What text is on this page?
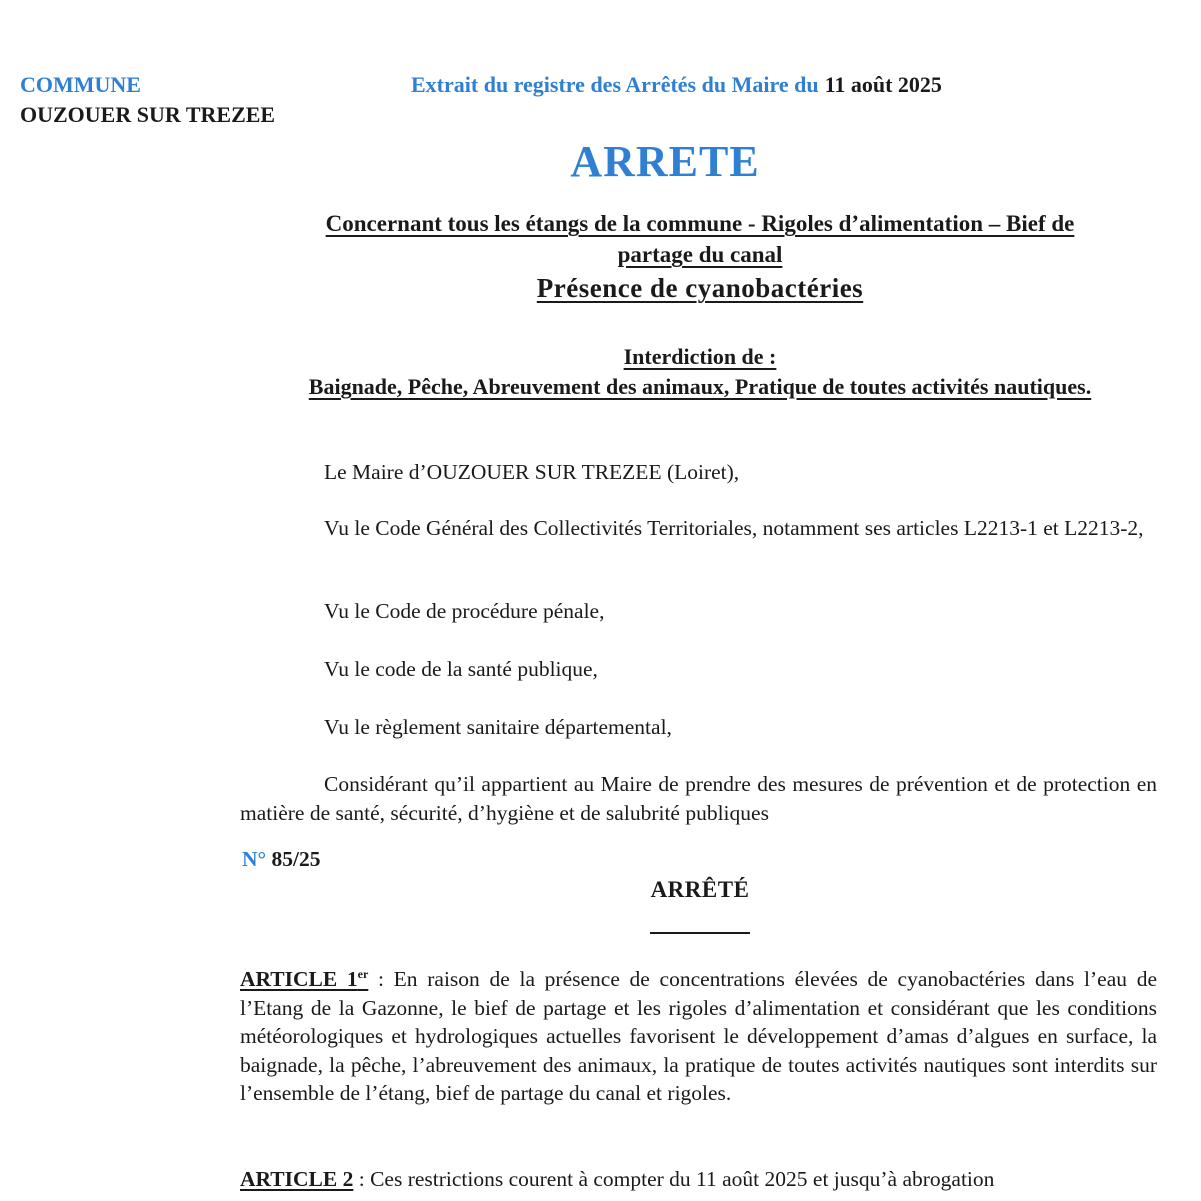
COMMUNE
OUZOUER SUR TREZEE
Extrait du registre des Arrêtés du Maire du 11 août 2025
ARRETE
Concernant tous les étangs de la commune - Rigoles d’alimentation – Bief de
partage du canal
Présence de cyanobactéries
Interdiction de :
Baignade, Pêche, Abreuvement des animaux, Pratique de toutes activités nautiques.
Le Maire d’OUZOUER SUR TREZEE (Loiret),
Vu le Code Général des Collectivités Territoriales, notamment ses articles L2213-1 et L2213-2,
Vu le Code de procédure pénale,
Vu le code de la santé publique,
Vu le règlement sanitaire départemental,
Considérant qu’il appartient au Maire de prendre des mesures de prévention et de protection en matière de santé, sécurité, d’hygiène et de salubrité publiques
N° 85/25
ARRÊTÉ
ARTICLE 1er : En raison de la présence de concentrations élevées de cyanobactéries dans l’eau de l’Etang de la Gazonne, le bief de partage et les rigoles d’alimentation et considérant que les conditions météorologiques et hydrologiques actuelles favorisent le développement d’amas d’algues en surface, la baignade, la pêche, l’abreuvement des animaux, la pratique de toutes activités nautiques sont interdits sur l’ensemble de l’étang, bief de partage du canal et rigoles.
ARTICLE 2 : Ces restrictions courent à compter du 11 août 2025 et jusqu’à abrogation
